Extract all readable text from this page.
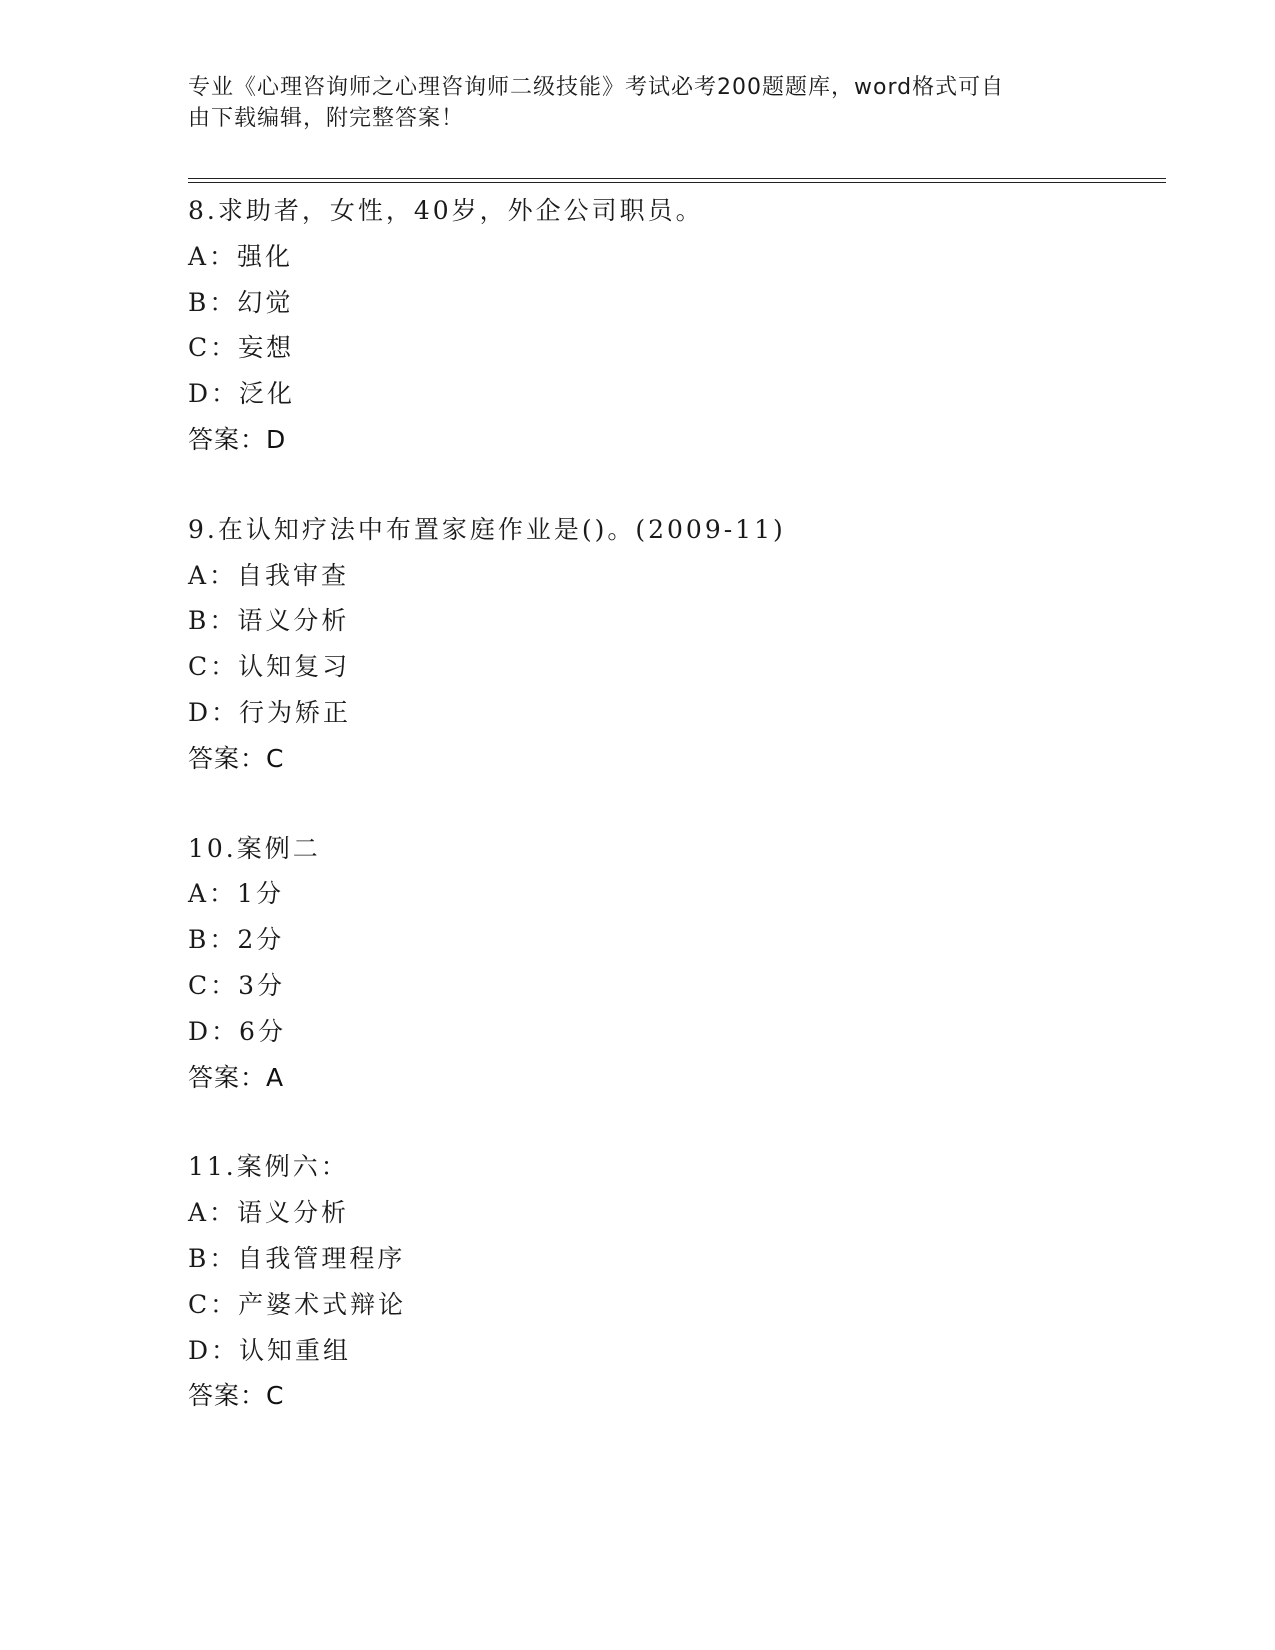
专业《心理咨询师之心理咨询师二级技能》考试必考200题题库，word格式可自
由下载编辑，附完整答案！
8.求助者，女性，40岁，外企公司职员。
A：强化
B：幻觉
C：妄想
D：泛化
答案：D
9.在认知疗法中布置家庭作业是()。(2009-11)
A：自我审查
B：语义分析
C：认知复习
D：行为矫正
答案：C
10.案例二
A：1分
B：2分
C：3分
D：6分
答案：A
11.案例六：
A：语义分析
B：自我管理程序
C：产婆术式辩论
D：认知重组
答案：C
